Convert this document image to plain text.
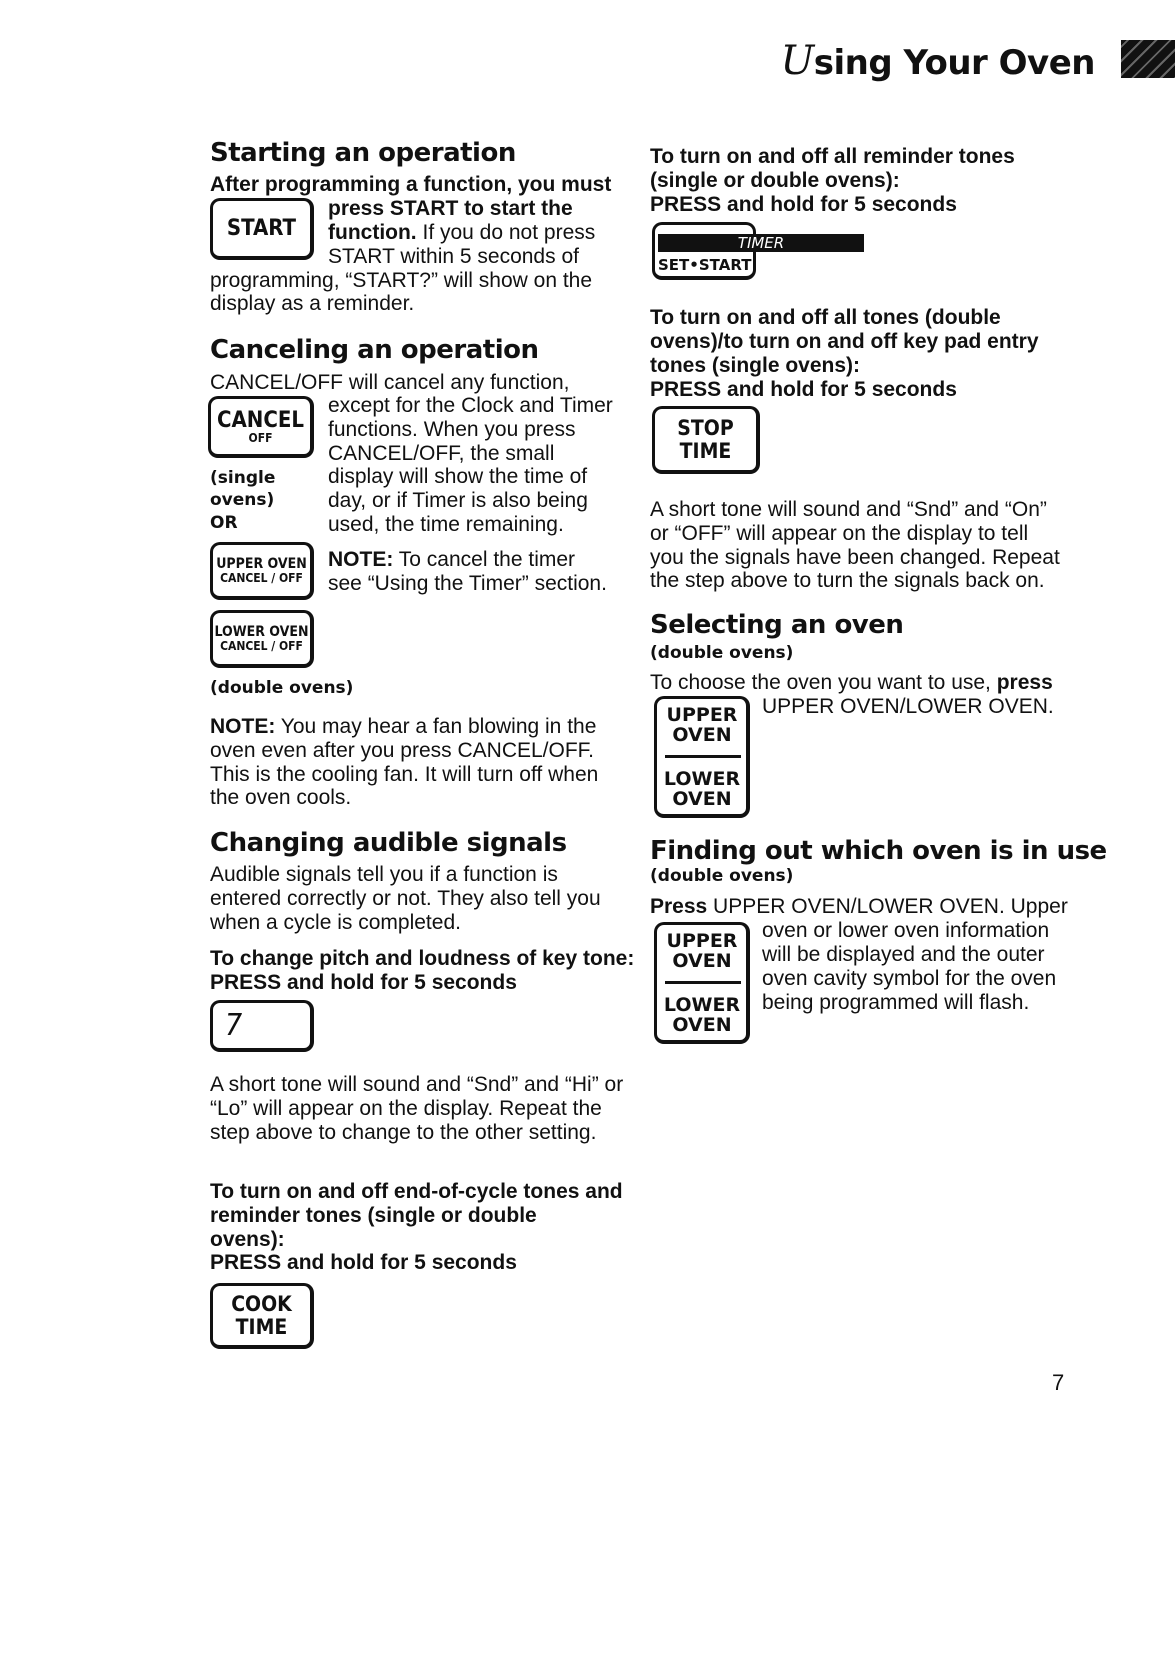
Using Your Oven
Starting an operation
After programming a function, you must
START
press START to start the
function. If you do not press
START within 5 seconds of
programming, “START?” will show on the
display as a reminder.
Canceling an operation
CANCEL/OFF will cancel any function,
CANCEL
OFF
except for the Clock and Timer
functions. When you press
CANCEL/OFF, the small
display will show the time of
day, or if Timer is also being
used, the time remaining.
(single
ovens)
OR
UPPER OVEN
CANCEL / OFF
NOTE: To cancel the timer
see “Using the Timer” section.
LOWER OVEN
CANCEL / OFF
(double ovens)
NOTE: You may hear a fan blowing in the
oven even after you press CANCEL/OFF.
This is the cooling fan. It will turn off when
the oven cools.
Changing audible signals
Audible signals tell you if a function is
entered correctly or not. They also tell you
when a cycle is completed.
To change pitch and loudness of key tone:
PRESS and hold for 5 seconds
7
A short tone will sound and “Snd” and “Hi” or
“Lo” will appear on the display. Repeat the
step above to change to the other setting.
To turn on and off end-of-cycle tones and
reminder tones (single or double
ovens):
PRESS and hold for 5 seconds
COOK
TIME
To turn on and off all reminder tones
(single or double ovens):
PRESS and hold for 5 seconds
TIMER
SET•START
To turn on and off all tones (double
ovens)/to turn on and off key pad entry
tones (single ovens):
PRESS and hold for 5 seconds
STOP
TIME
A short tone will sound and “Snd” and “On”
or “OFF” will appear on the display to tell
you the signals have been changed. Repeat
the step above to turn the signals back on.
Selecting an oven
(double ovens)
To choose the oven you want to use, press
UPPER OVEN/LOWER OVEN.
UPPER
OVEN
LOWER
OVEN
Finding out which oven is in use
(double ovens)
Press UPPER OVEN/LOWER OVEN. Upper
oven or lower oven information
will be displayed and the outer
oven cavity symbol for the oven
being programmed will flash.
UPPER
OVEN
LOWER
OVEN
7
